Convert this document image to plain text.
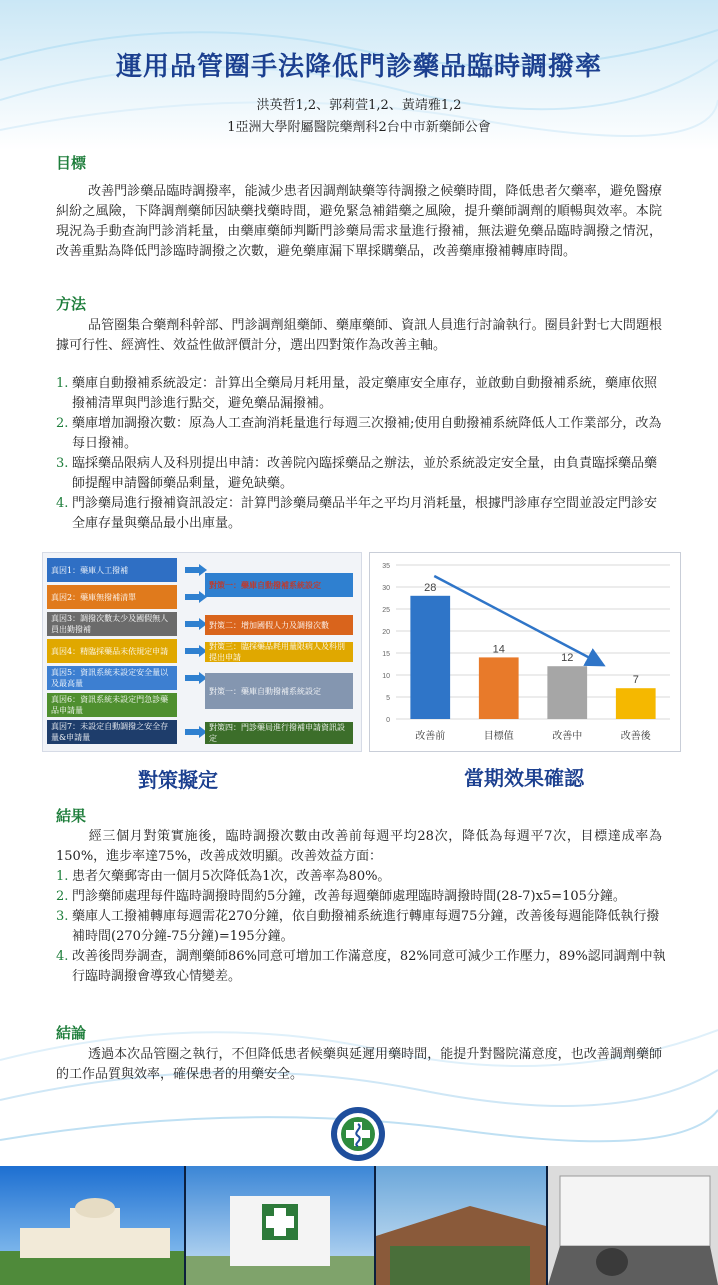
運用品管圈手法降低門診藥品臨時調撥率
洪英哲1,2、郭莉萱1,2、黃靖雅1,2
1亞洲大學附屬醫院藥劑科2台中市新藥師公會
目標
改善門診藥品臨時調撥率，能減少患者因調劑缺藥等待調撥之候藥時間，降低患者欠藥率，避免醫療糾紛之風險，下降調劑藥師因缺藥找藥時間，避免緊急補錯藥之風險，提升藥師調劑的順暢與效率。本院現況為手動查詢門診消耗量，由藥庫藥師判斷門診藥局需求量進行撥補，無法避免藥品臨時調撥之情況，改善重點為降低門診臨時調撥之次數，避免藥庫漏下單採購藥品，改善藥庫撥補轉庫時間。
方法
品管圈集合藥劑科幹部、門診調劑組藥師、藥庫藥師、資訊人員進行討論執行。圈員針對七大問題根據可行性、經濟性、效益性做評價計分，選出四對策作為改善主軸。
1. 藥庫自動撥補系統設定：計算出全藥局月耗用量，設定藥庫安全庫存，並啟動自動撥補系統，藥庫依照撥補清單與門診進行點交，避免藥品漏撥補。
2. 藥庫增加調撥次數：原為人工查詢消耗量進行每週三次撥補;使用自動撥補系統降低人工作業部分，改為每日撥補。
3. 臨採藥品限病人及科別提出申請：改善院內臨採藥品之辦法，並於系統設定安全量，由負責臨採藥品藥師提醒申請醫師藥品剩量，避免缺藥。
4. 門診藥局進行撥補資訊設定：計算門診藥局藥品半年之平均月消耗量，根據門診庫存空間並設定門診安全庫存量與藥品最小出庫量。
真因1：藥庫人工撥補
真因2：藥庫無撥補清單
真因3：調撥次數太少及國假無人員出勤撥補
真因4：精臨採藥品未依規定申請
真因5：資訊系統未設定安全量以及最高量
真因6：資訊系統未設定門急診藥品申請量
真因7：未設定自動調撥之安全存量&申請量
對策一：藥庫自動撥補系統設定
對策二：增加國假人力及調撥次數
對策三：臨採藥品耗用量限病人及科別提出申請
對策一：藥庫自動撥補系統設定
對策四：門診藥局進行撥補申請資訊設定
0
5
10
15
20
25
30
35
28
改善前
14
目標值
12
改善中
7
改善後
對策擬定	當期效果確認
結果
經三個月對策實施後，臨時調撥次數由改善前每週平均28次，降低為每週平7次，目標達成率為150%，進步率達75%，改善成效明顯。改善效益方面：
1. 患者欠藥郵寄由一個月5次降低為1次，改善率為80%。
2. 門診藥師處理每件臨時調撥時間約5分鐘，改善每週藥師處理臨時調撥時間(28-7)x5=105分鐘。
3. 藥庫人工撥補轉庫每週需花270分鐘，依自動撥補系統進行轉庫每週75分鐘，改善後每週能降低執行撥補時間(270分鐘-75分鐘)=195分鐘。
4. 改善後問券調查，調劑藥師86%同意可增加工作滿意度，82%同意可減少工作壓力，89%認同調劑中執行臨時調撥會導致心情變差。
結論
透過本次品管圈之執行，不但降低患者候藥與延遲用藥時間，能提升對醫院滿意度，也改善調劑藥師的工作品質與效率，確保患者的用藥安全。
